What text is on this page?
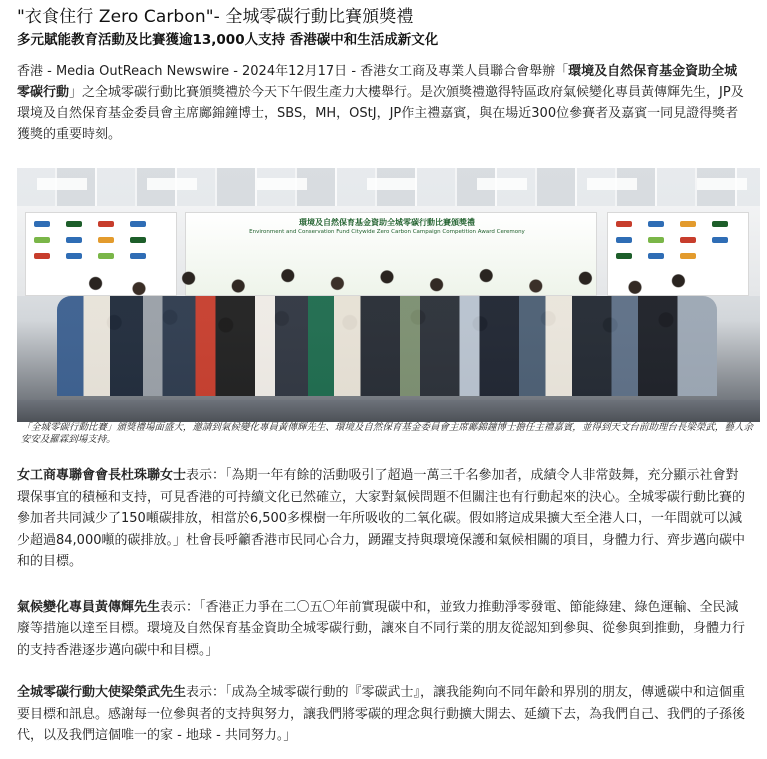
"衣食住行 Zero Carbon"- 全城零碳行動比賽頒獎禮
多元賦能教育活動及比賽獲逾13,000人支持 香港碳中和生活成新文化

香港 - Media OutReach Newswire - 2024年12月17日 - 香港女工商及專業人員聯合會舉辦「環境及自然保育基金資助全城零碳行動」之全城零碳行動比賽頒獎禮於今天下午假生產力大樓舉行。是次頒獎禮邀得特區政府氣候變化專員黃傳輝先生，JP及環境及自然保育基金委員會主席鄺錦鐘博士，SBS，MH，OStJ，JP作主禮嘉賓，與在場近300位參賽者及嘉賓一同見證得獎者獲獎的重要時刻。

環境及自然保育基金資助全城零碳行動比賽頒獎禮
Environment and Conservation Fund Citywide Zero Carbon Campaign Competition Award Ceremony

「全城零碳行動比賽」頒獎禮場面盛大，邀請到氣候變化專員黃傳輝先生、環境及自然保育基金委員會主席鄺錦鐘博士擔任主禮嘉賓，並得到天文台前助理台長梁榮武，藝人余安安及羅霖到場支持。

女工商專聯會會長杜珠聯女士表示：「為期一年有餘的活動吸引了超過一萬三千名參加者，成績令人非常鼓舞，充分顯示社會對環保事宜的積極和支持，可見香港的可持續文化已然確立，大家對氣候問題不但關注也有行動起來的決心。全城零碳行動比賽的參加者共同減少了150噸碳排放，相當於6,500多棵樹一年所吸收的二氧化碳。假如將這成果擴大至全港人口，一年間就可以減少超過84,000噸的碳排放。」杜會長呼籲香港市民同心合力，踴躍支持與環境保護和氣候相關的項目，身體力行、齊步邁向碳中和的目標。

氣候變化專員黃傳輝先生表示：「香港正力爭在二〇五〇年前實現碳中和，並致力推動淨零發電、節能綠建、綠色運輸、全民減廢等措施以達至目標。環境及自然保育基金資助全城零碳行動，讓來自不同行業的朋友從認知到參與、從參與到推動，身體力行的支持香港逐步邁向碳中和目標。」

全城零碳行動大使梁榮武先生表示：「成為全城零碳行動的『零碳武士』，讓我能夠向不同年齡和界別的朋友，傳遞碳中和這個重要目標和訊息。感謝每一位參與者的支持與努力，讓我們將零碳的理念與行動擴大開去、延續下去，為我們自己、我們的子孫後代，以及我們這個唯一的家 - 地球 - 共同努力。」
